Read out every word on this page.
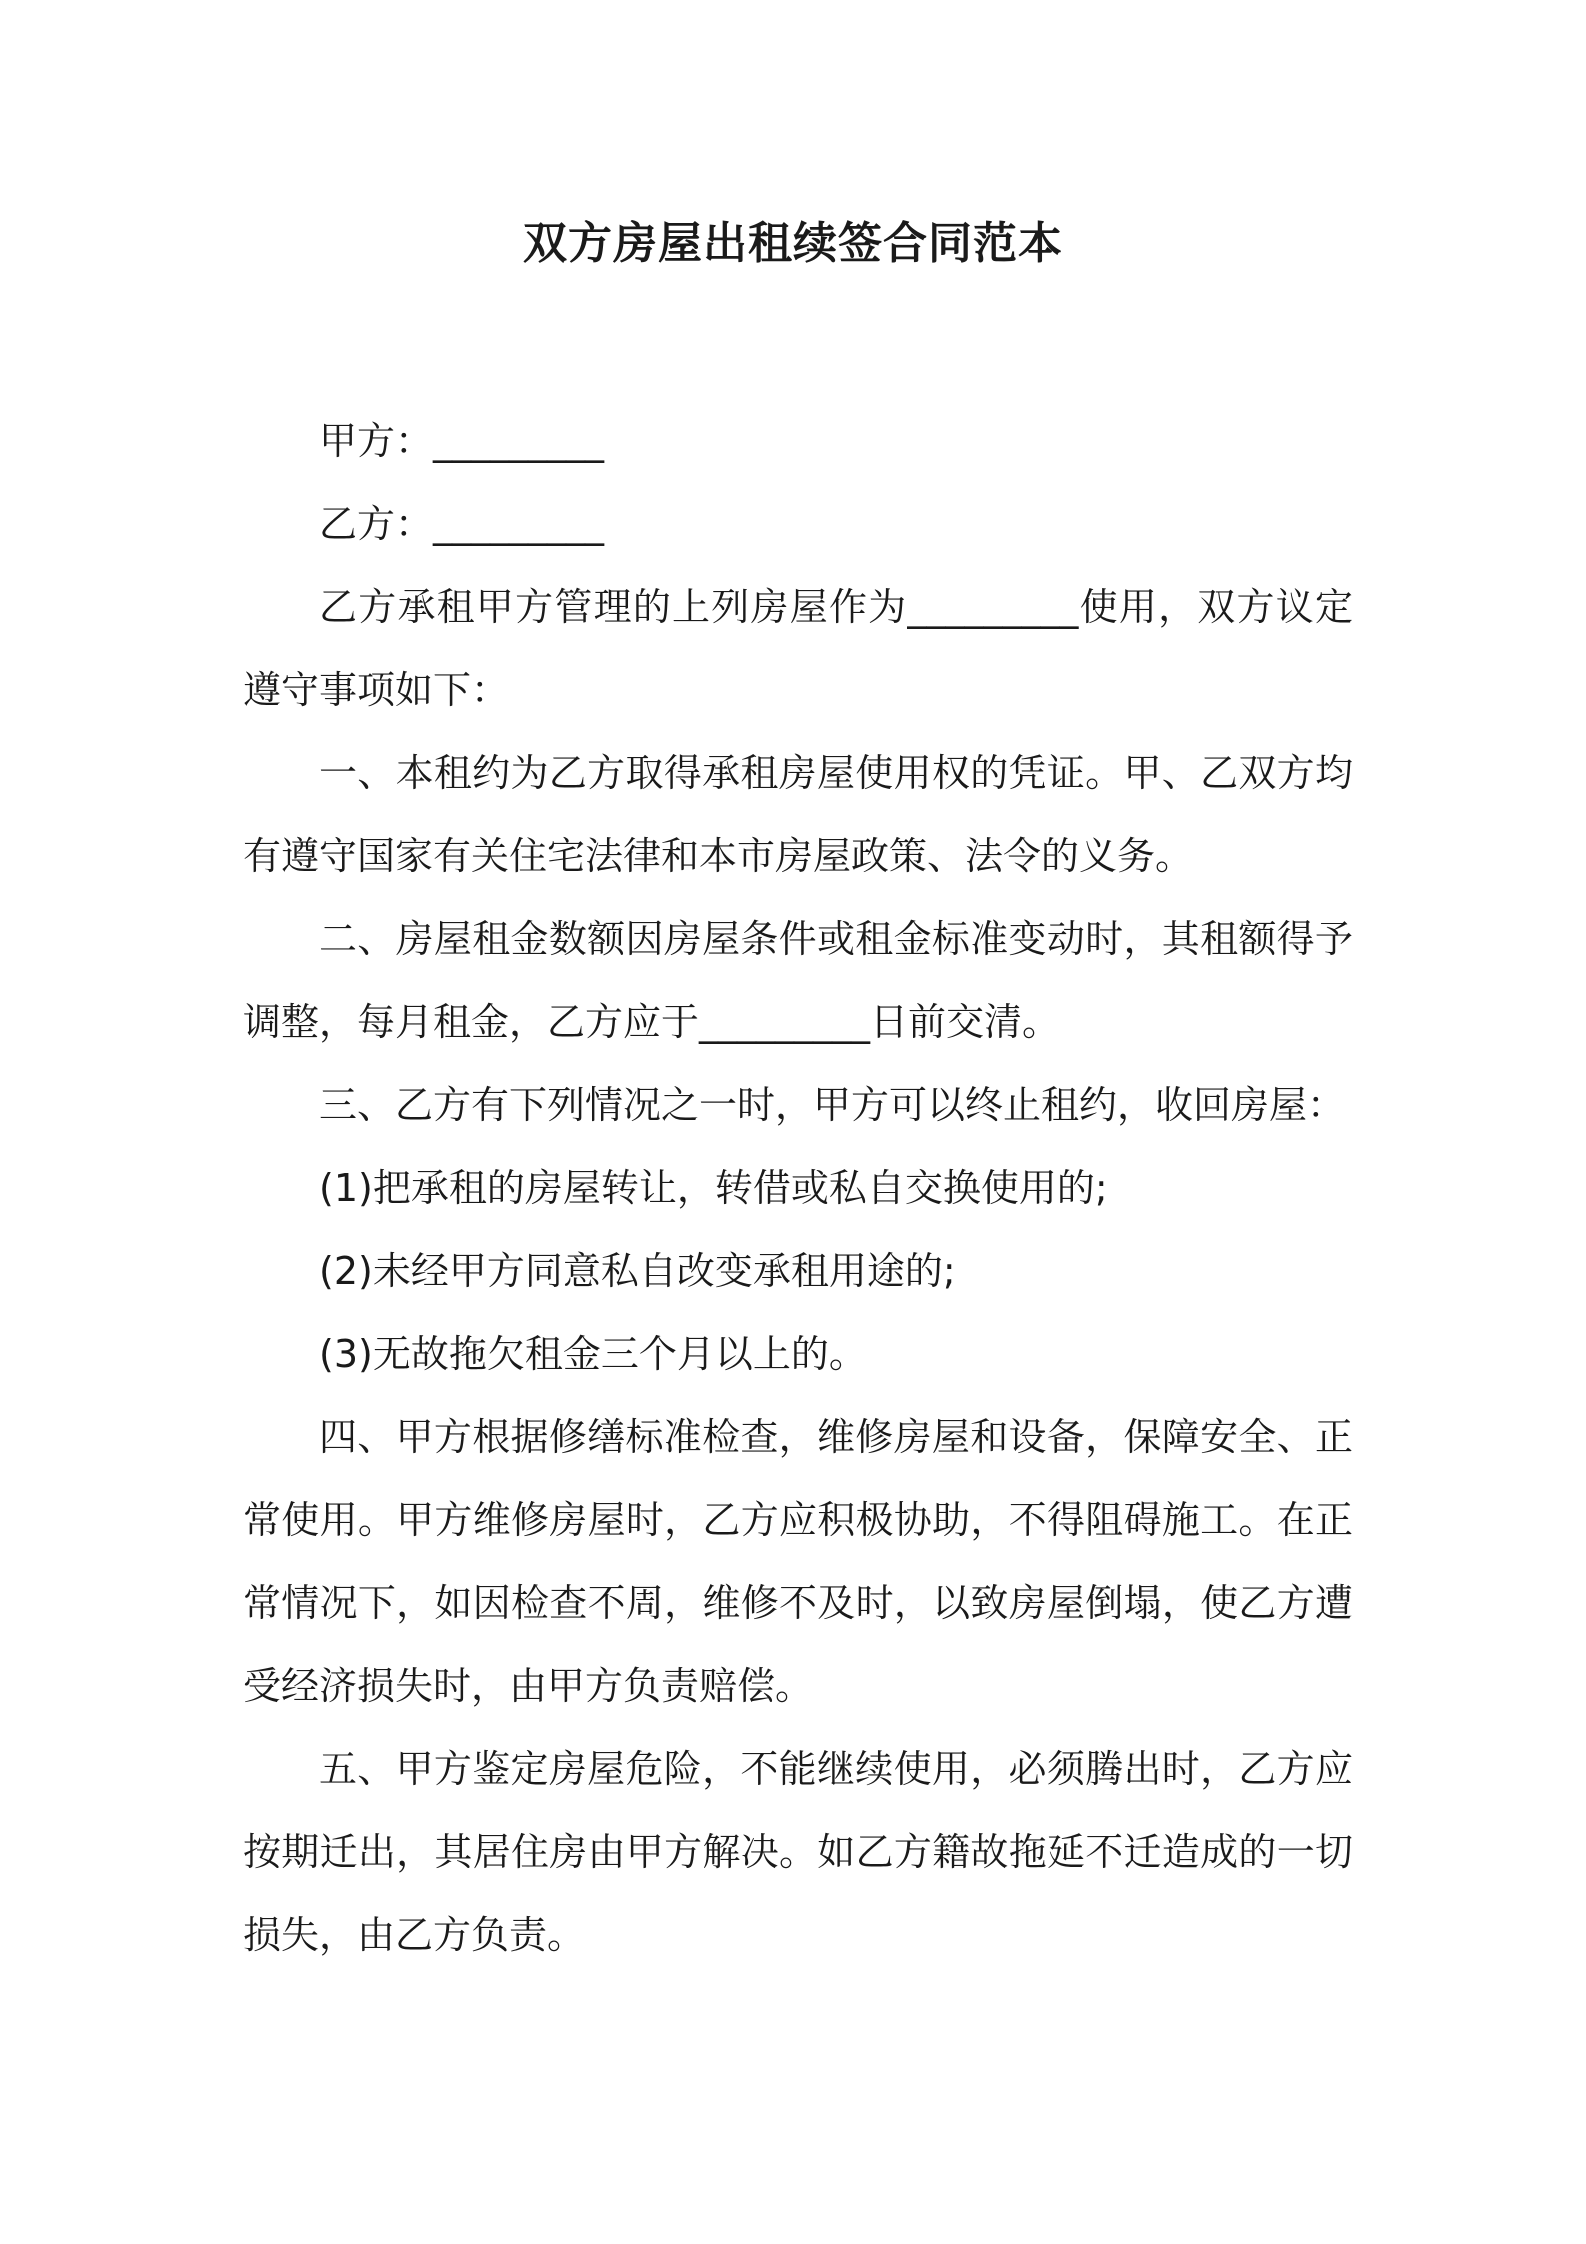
双方房屋出租续签合同范本

甲方：_________

乙方：_________

乙方承租甲方管理的上列房屋作为_________使用，双方议定遵守事项如下：

一、本租约为乙方取得承租房屋使用权的凭证。甲、乙双方均有遵守国家有关住宅法律和本市房屋政策、法令的义务。

二、房屋租金数额因房屋条件或租金标准变动时，其租额得予调整，每月租金，乙方应于_________日前交清。

三、乙方有下列情况之一时，甲方可以终止租约，收回房屋：

(1)把承租的房屋转让，转借或私自交换使用的;

(2)未经甲方同意私自改变承租用途的;

(3)无故拖欠租金三个月以上的。

四、甲方根据修缮标准检查，维修房屋和设备，保障安全、正常使用。甲方维修房屋时，乙方应积极协助，不得阻碍施工。在正常情况下，如因检查不周，维修不及时，以致房屋倒塌，使乙方遭受经济损失时，由甲方负责赔偿。

五、甲方鉴定房屋危险，不能继续使用，必须腾出时，乙方应按期迁出，其居住房由甲方解决。如乙方籍故拖延不迁造成的一切损失，由乙方负责。
